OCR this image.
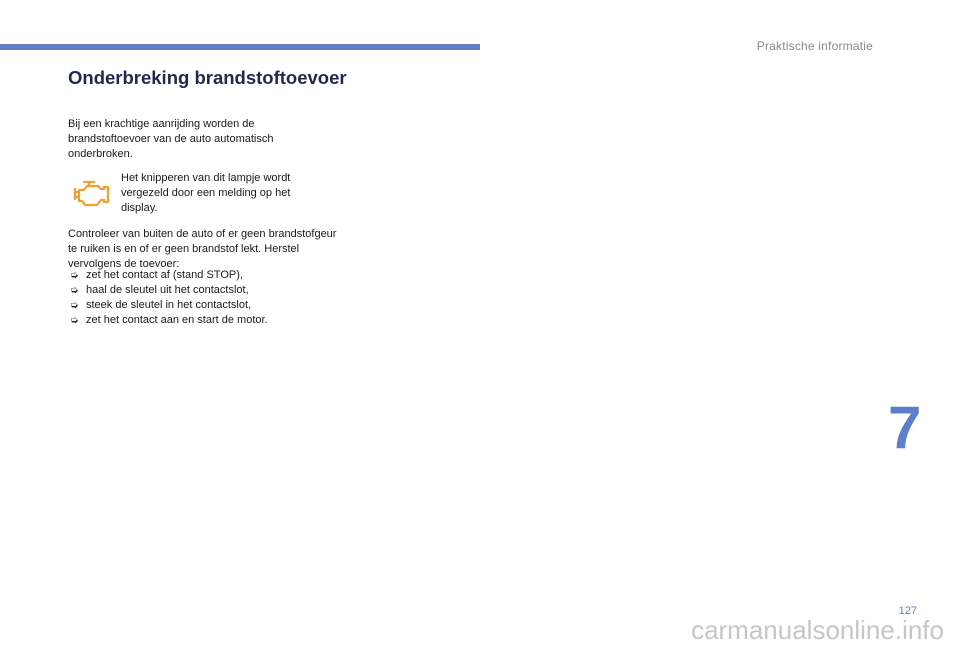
Praktische informatie
Onderbreking brandstoftoevoer

Bij een krachtige aanrijding worden de brandstoftoevoer van de auto automatisch onderbroken.

Het knipperen van dit lampje wordt vergezeld door een melding op het display.

Controleer van buiten de auto of er geen brandstofgeur te ruiken is en of er geen brandstof lekt. Herstel vervolgens de toevoer:

➭ zet het contact af (stand STOP),
➭ haal de sleutel uit het contactslot,
➭ steek de sleutel in het contactslot,
➭ zet het contact aan en start de motor.
7
127
carmanualsonline.info
